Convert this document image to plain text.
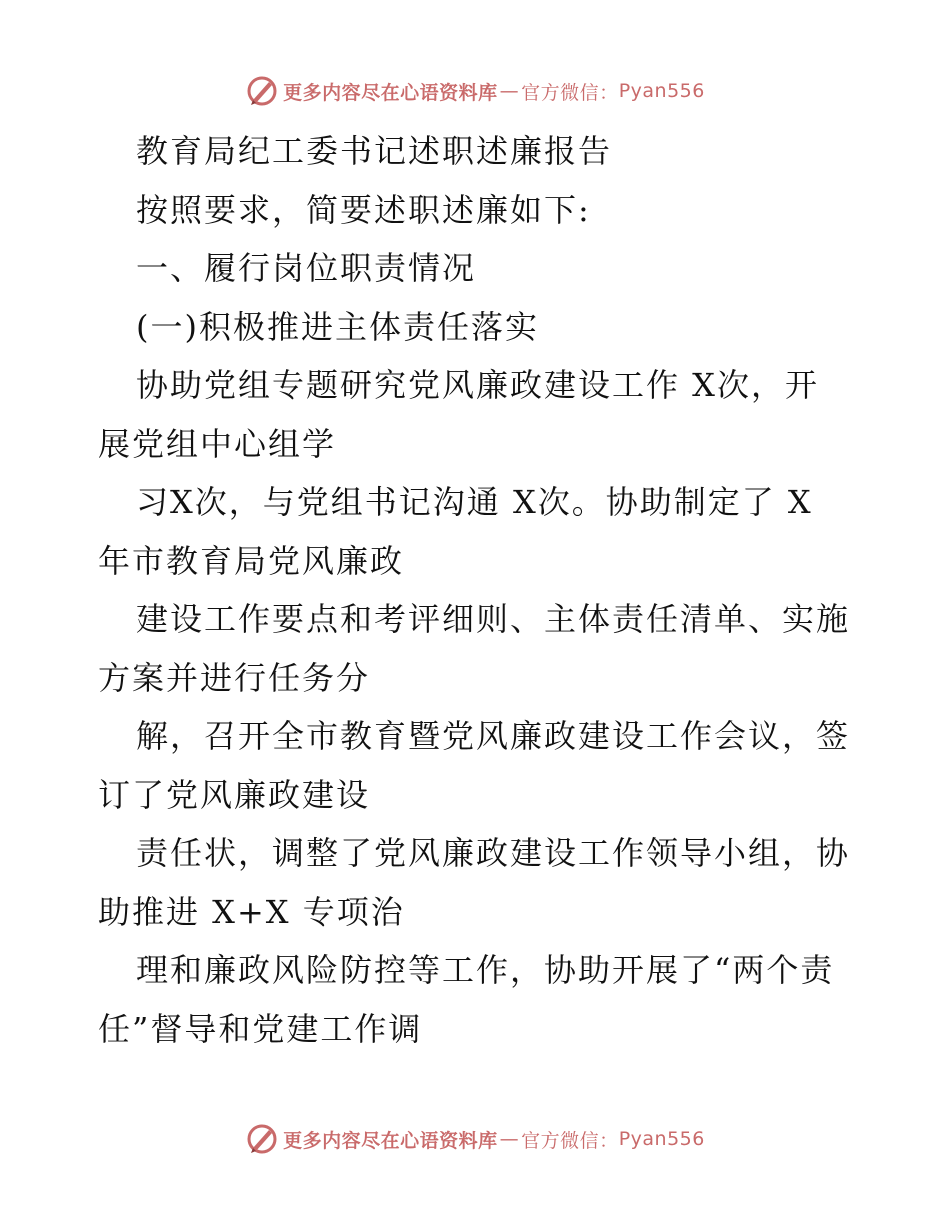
更多内容尽在心语资料库 — 官方微信： Pyan556

教育局纪工委书记述职述廉报告

按照要求，简要述职述廉如下:

一、履行岗位职责情况

(一)积极推进主体责任落实

协助党组专题研究党风廉政建设工作 X次，开

展党组中心组学

习X次，与党组书记沟通 X次。协助制定了 X

年市教育局党风廉政

建设工作要点和考评细则、主体责任清单、实施

方案并进行任务分

解，召开全市教育暨党风廉政建设工作会议，签

订了党风廉政建设

责任状，调整了党风廉政建设工作领导小组，协

助推进 X+X 专项治

理和廉政风险防控等工作，协助开展了“两个责

任”督导和党建工作调

更多内容尽在心语资料库 — 官方微信： Pyan556
